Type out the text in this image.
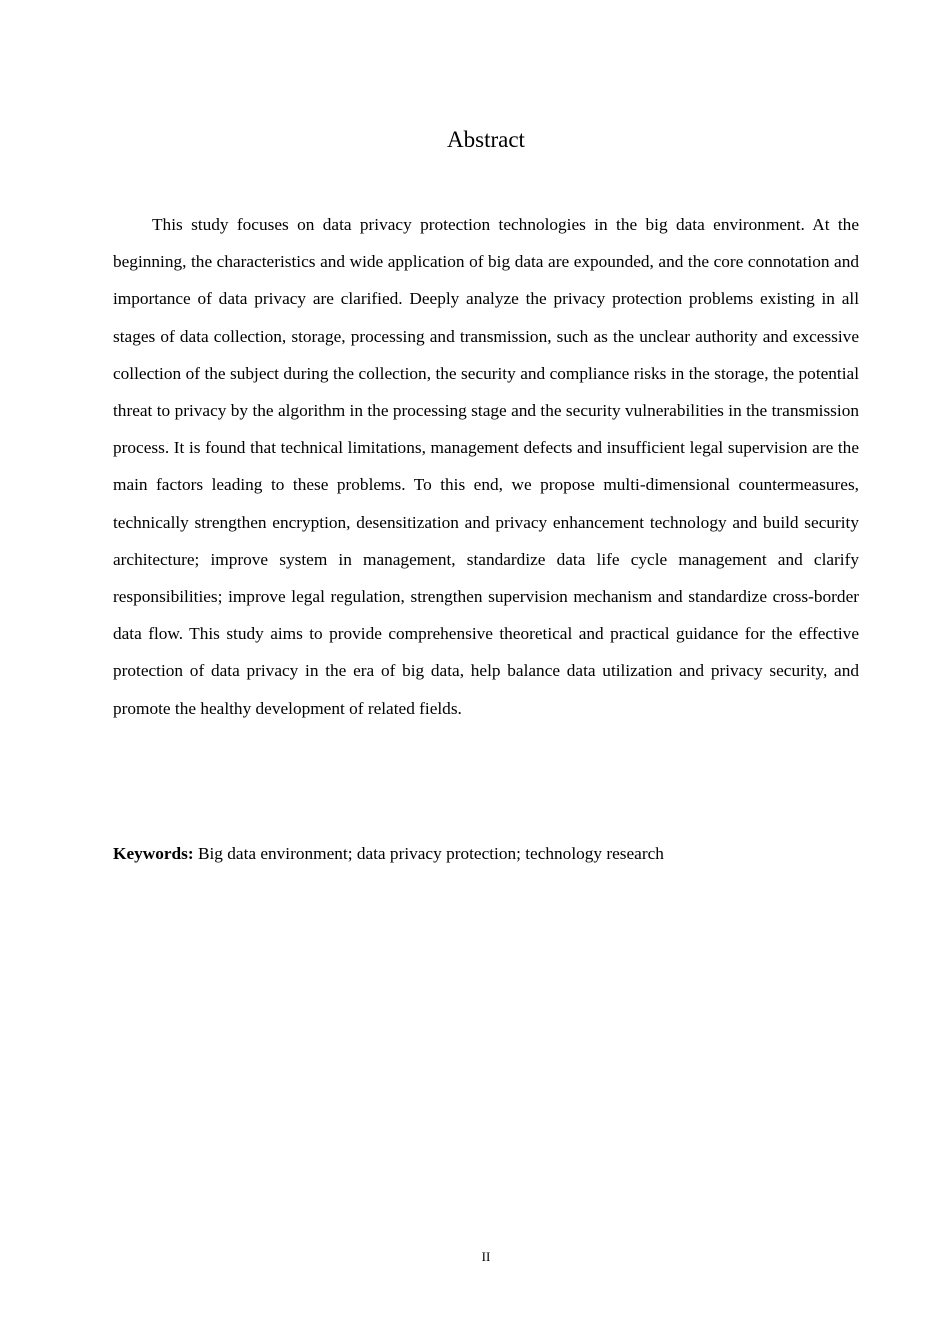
Abstract

This study focuses on data privacy protection technologies in the big data environment. At the beginning, the characteristics and wide application of big data are expounded, and the core connotation and importance of data privacy are clarified. Deeply analyze the privacy protection problems existing in all stages of data collection, storage, processing and transmission, such as the unclear authority and excessive collection of the subject during the collection, the security and compliance risks in the storage, the potential threat to privacy by the algorithm in the processing stage and the security vulnerabilities in the transmission process. It is found that technical limitations, management defects and insufficient legal supervision are the main factors leading to these problems. To this end, we propose multi-dimensional countermeasures, technically strengthen encryption, desensitization and privacy enhancement technology and build security architecture; improve system in management, standardize data life cycle management and clarify responsibilities; improve legal regulation, strengthen supervision mechanism and standardize cross-border data flow. This study aims to provide comprehensive theoretical and practical guidance for the effective protection of data privacy in the era of big data, help balance data utilization and privacy security, and promote the healthy development of related fields.

Keywords: Big data environment; data privacy protection; technology research

II
